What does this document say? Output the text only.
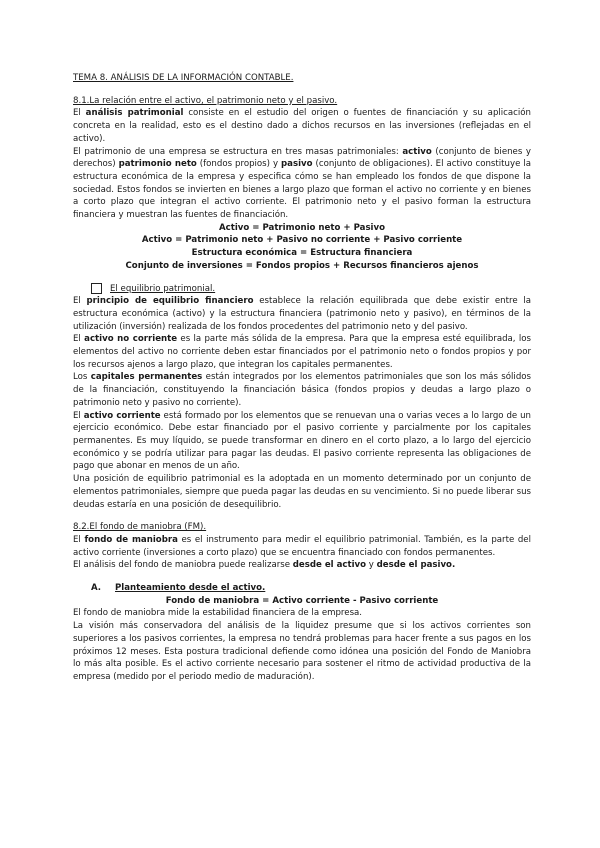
TEMA 8. ANÁLISIS DE LA INFORMACIÓN CONTABLE.
8.1.La relación entre el activo, el patrimonio neto y el pasivo.

El análisis patrimonial consiste en el estudio del origen o fuentes de financiación y su aplicación concreta en la realidad, esto es el destino dado a dichos recursos en las inversiones (reflejadas en el activo).

El patrimonio de una empresa se estructura en tres masas patrimoniales: activo (conjunto de bienes y derechos) patrimonio neto (fondos propios) y pasivo (conjunto de obligaciones). El activo constituye la estructura económica de la empresa y especifica cómo se han empleado los fondos de que dispone la sociedad. Estos fondos se invierten en bienes a largo plazo que forman el activo no corriente y en bienes a corto plazo que integran el activo corriente. El patrimonio neto y el pasivo forman la estructura financiera y muestran las fuentes de financiación.

Activo = Patrimonio neto + Pasivo
Activo = Patrimonio neto + Pasivo no corriente + Pasivo corriente
Estructura económica = Estructura financiera
Conjunto de inversiones = Fondos propios + Recursos financieros ajenos
El equilibrio patrimonial.

El principio de equilibrio financiero establece la relación equilibrada que debe existir entre la estructura económica (activo) y la estructura financiera (patrimonio neto y pasivo), en términos de la utilización (inversión) realizada de los fondos procedentes del patrimonio neto y del pasivo.

El activo no corriente es la parte más sólida de la empresa. Para que la empresa esté equilibrada, los elementos del activo no corriente deben estar financiados por el patrimonio neto o fondos propios y por los recursos ajenos a largo plazo, que integran los capitales permanentes.

Los capitales permanentes están integrados por los elementos patrimoniales que son los más sólidos de la financiación, constituyendo la financiación básica (fondos propios y deudas a largo plazo o patrimonio neto y pasivo no corriente).

El activo corriente está formado por los elementos que se renuevan una o varias veces a lo largo de un ejercicio económico. Debe estar financiado por el pasivo corriente y parcialmente por los capitales permanentes. Es muy líquido, se puede transformar en dinero en el corto plazo, a lo largo del ejercicio económico y se podría utilizar para pagar las deudas. El pasivo corriente representa las obligaciones de pago que abonar en menos de un año.

Una posición de equilibrio patrimonial es la adoptada en un momento determinado por un conjunto de elementos patrimoniales, siempre que pueda pagar las deudas en su vencimiento. Si no puede liberar sus deudas estaría en una posición de desequilibrio.

8.2.El fondo de maniobra (FM).

El fondo de maniobra es el instrumento para medir el equilibrio patrimonial. También, es la parte del activo corriente (inversiones a corto plazo) que se encuentra financiado con fondos permanentes.

El análisis del fondo de maniobra puede realizarse desde el activo y desde el pasivo.

A.	Planteamiento desde el activo.
Fondo de maniobra = Activo corriente - Pasivo corriente

El fondo de maniobra mide la estabilidad financiera de la empresa.

La visión más conservadora del análisis de la liquidez presume que si los activos corrientes son superiores a los pasivos corrientes, la empresa no tendrá problemas para hacer frente a sus pagos en los próximos 12 meses. Esta postura tradicional defiende como idónea una posición del Fondo de Maniobra lo más alta posible. Es el activo corriente necesario para sostener el ritmo de actividad productiva de la empresa (medido por el periodo medio de maduración).
